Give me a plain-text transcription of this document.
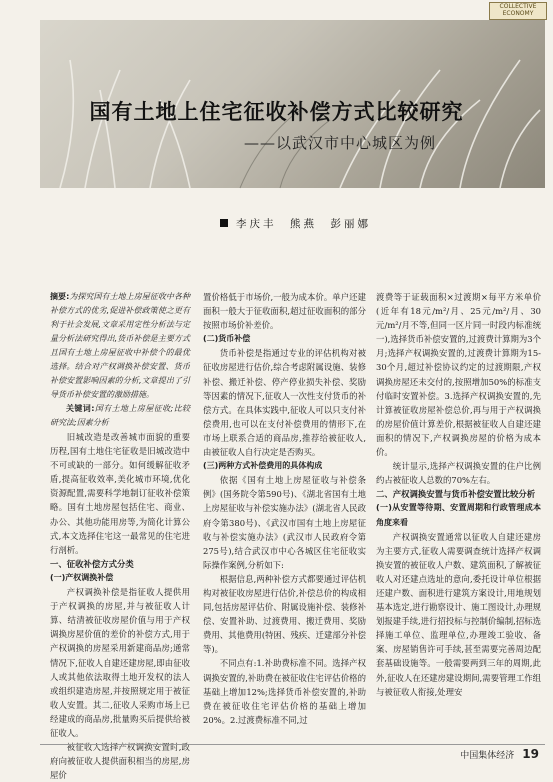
COLLECTIVE ECONOMY
国有土地上住宅征收补偿方式比较研究
——以武汉市中心城区为例
李庆丰　熊燕　彭丽娜

摘要:为探究国有土地上房屋征收中各种补偿方式的优劣,促进补偿政策使之更有利于社会发展,文章采用定性分析法与定量分析法研究得出,货币补偿是主要方式且国有土地上房屋征收中补偿个的最优选择。结合对产权调换补偿安置、货币补偿安置影响因素的分析,文章提出了引导货币补偿安置的激励措施。

关键词:国有土地上房屋征收;比较研究法;因素分析

旧城改造是改善城市面貌的重要历程,国有土地住宅征收是旧城改造中不可或缺的一部分。如何缓解征收矛盾,提高征收效率,美化城市环境,优化资源配置,需要科学地制订征收补偿策略。国有土地房屋包括住宅、商业、办公、其他功能用房等,为简化计算公式,本文选择住宅这一最常见的住宅进行剖析。

一、征收补偿方式分类

(一)产权调换补偿

产权调换补偿是指征收人提供用于产权调换的房屋,并与被征收人计算、结清被征收房屋价值与用于产权调换房屋价值的差价的补偿方式,用于产权调换的房屋采用新建商品房;通常情况下,征收人自建还建房屋,即由征收人或其他依法取得土地开发权的法人或组织建造房屋,并按照规定用于被征收人安置。其二,征收人采购市场上已经建成的商品房,批量购买后提供给被征收人。

被征收人选择产权调换安置时,政府向被征收人提供面积相当的房屋,房屋价

置价格低于市场价,一般为成本价。单户还建面积一般大于征收面积,超过征收面积的部分按照市场价补差价。

(二)货币补偿

货币补偿是指通过专业的评估机构对被征收房屋进行估价,综合考虑附属设施、装修补偿、搬迁补偿、停产停业损失补偿、奖励等因素的情况下,征收人一次性支付货币的补偿方式。在具体实践中,征收人可以只支付补偿费用,也可以在支付补偿费用的情形下,在市场上联系合适的商品房,推荐给被征收人,由被征收人自行决定是否购买。

(三)两种方式补偿费用的具体构成

依据《国有土地上房屋征收与补偿条例》(国务院令第590号)、《湖北省国有土地上房屋征收与补偿实施办法》(湖北省人民政府令第380号)、《武汉市国有土地上房屋征收与补偿实施办法》(武汉市人民政府令第275号),结合武汉市中心各城区住宅征收实际操作案例,分析如下:

根据信息,两种补偿方式都要通过评估机构对被征收房屋进行估价,补偿总价的构成相同,包括房屋评估价、附属设施补偿、装修补偿、安置补助、过渡费用、搬迁费用、奖励费用、其他费用(特困、残疾、迁建部分补偿等)。

不同点有:1.补助费标准不同。选择产权调换安置的,补助费在被征收住宅评估价格的基础上增加12%;选择货币补偿安置的,补助费在被征收住宅评估价格的基础上增加20%。2.过渡费标准不同,过

渡费等于证载面积×过渡期×每平方米单价(近年有18元/m²/月、25元/m²/月、30元/m²/月不等,但同一区片同一时段内标准统一),选择货币补偿安置的,过渡费计算期为3个月;选择产权调换安置的,过渡费计算期为15-30个月,超过补偿协议约定的过渡期限,产权调换房屋还未交付的,按照增加50%的标准支付临时安置补偿。3.选择产权调换安置的,先计算被征收房屋补偿总价,再与用于产权调换的房屋价值计算差价,根据被征收人自建还建面积的情况下,产权调换房屋的价格为成本价。

统计显示,选择产权调换安置的住户比例约占被征收人总数的70%左右。

二、产权调换安置与货币补偿安置比较分析

(一)从安置等待期、安置周期和行政管理成本角度来看

产权调换安置通常以征收人自建还建房为主要方式,征收人需要调查统计选择产权调换安置的被征收人户数、建筑面积,了解被征收人对还建点选址的意向,委托设计单位根据还建户数、面积进行建筑方案设计,用地规划基本选定,进行勘察设计、施工图设计,办理规划报建手续,进行招投标与控制价编制,招标选择施工单位、监理单位,办理竣工验收、备案、房屋销售许可手续,甚至需要完善周边配套基础设施等。一般需要两到三年的周期,此外,征收人在还建房建设期间,需要管理工作组与被征收人衔接,处理安

中国集体经济 19
